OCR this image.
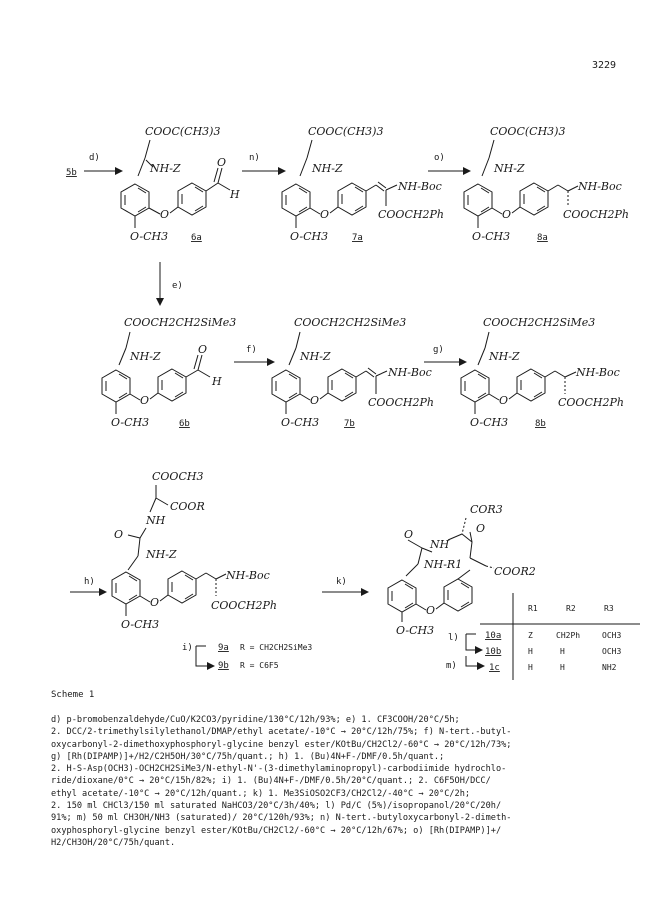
3229
5b
d)
COOC(CH3)3
NH-Z
O-CH3
O
O
H
6a
n)
COOC(CH3)3
NH-Z
O-CH3
O
NH-Boc
COOCH2Ph
7a
o)
COOC(CH3)3
NH-Z
O-CH3
O
NH-Boc
COOCH2Ph
8a
e)
COOCH2CH2SiMe3
NH-Z
O-CH3
O
O
H
6b
f)
COOCH2CH2SiMe3
NH-Z
O-CH3
O
NH-Boc
COOCH2Ph
7b
g)
COOCH2CH2SiMe3
NH-Z
O-CH3
O
NH-Boc
COOCH2Ph
8b
COOCH3
COOR
NH
O
NH-Z
O-CH3
O
NH-Boc
COOCH2Ph
h)
i)	9a R = CH2CH2SiMe3
9b R = C6F5
k)
COR3
O
NH
O
NH-R1
O-CH3
O
COOR2
R1	R2	R3
10a	Z	CH2Ph	OCH3
10b	H	H	OCH3
1c	H	H	NH2
l)
m)
Scheme 1
d) p-bromobenzaldehyde/CuO/K2CO3/pyridine/130°C/12h/93%; e) 1. CF3COOH/20°C/5h;
2. DCC/2-trimethylsilylethanol/DMAP/ethyl acetate/-10°C → 20°C/12h/75%; f) N-tert.-butyl-
oxycarbonyl-2-dimethoxyphosphoryl-glycine benzyl ester/KOtBu/CH2Cl2/-60°C → 20°C/12h/73%;
g) [Rh(DIPAMP)]+/H2/C2H5OH/30°C/75h/quant.; h) 1. (Bu)4N+F-/DMF/0.5h/quant.;
2. H-S-Asp(OCH3)-OCH2CH2SiMe3/N-ethyl-N'-(3-dimethylaminopropyl)-carbodiimide hydrochlo-
ride/dioxane/0°C → 20°C/15h/82%; i) 1. (Bu)4N+F-/DMF/0.5h/20°C/quant.; 2. C6F5OH/DCC/
ethyl acetate/-10°C → 20°C/12h/quant.; k) 1. Me3SiOSO2CF3/CH2Cl2/-40°C → 20°C/2h;
2. 150 ml CHCl3/150 ml saturated NaHCO3/20°C/3h/40%; l) Pd/C (5%)/isopropanol/20°C/20h/
91%; m) 50 ml CH3OH/NH3 (saturated)/ 20°C/120h/93%; n) N-tert.-butyloxycarbonyl-2-dimeth-
oxyphosphoryl-glycine benzyl ester/KOtBu/CH2Cl2/-60°C → 20°C/12h/67%; o) [Rh(DIPAMP)]+/
H2/CH3OH/20°C/75h/quant.
